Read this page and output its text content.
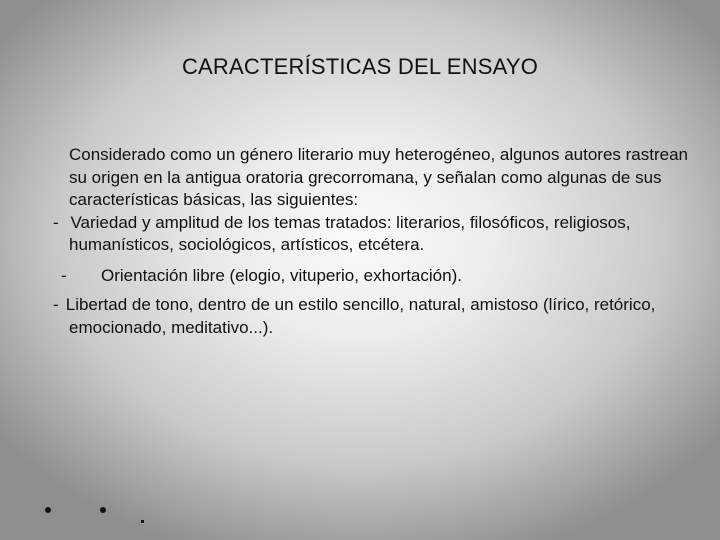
CARACTERÍSTICAS DEL ENSAYO

Considerado como un género literario muy heterogéneo, algunos autores rastrean su origen en la antigua oratoria grecorromana, y señalan como algunas de sus características básicas, las siguientes:

- Variedad y amplitud de los temas tratados: literarios, filosóficos, religiosos, humanísticos, sociológicos, artísticos, etcétera.

- Orientación libre (elogio, vituperio, exhortación).

- Libertad de tono, dentro de un estilo sencillo, natural, amistoso (lírico, retórico, emocionado, meditativo...).
